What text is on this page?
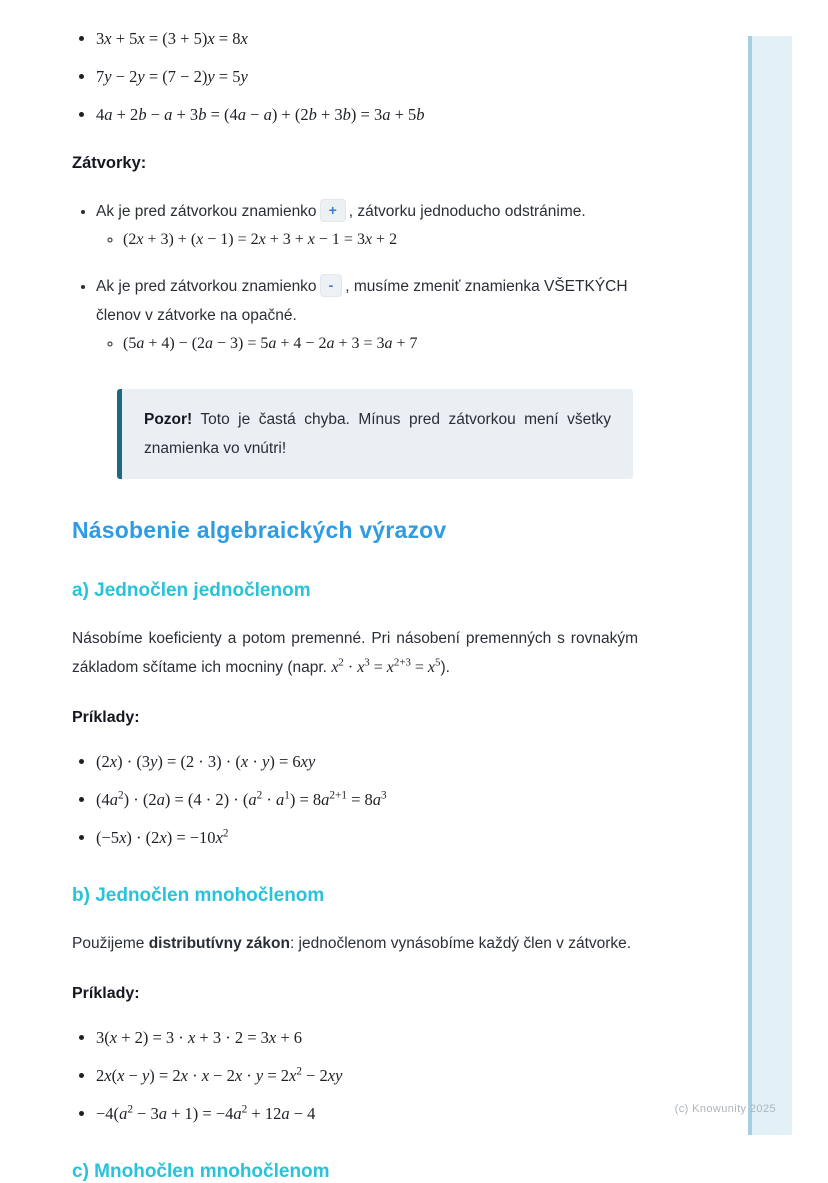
(c) Knowunity 2025
• 3x + 5x = (3 + 5)x = 8x
• 7y − 2y = (7 − 2)y = 5y
• 4a + 2b − a + 3b = (4a − a) + (2b + 3b) = 3a + 5b
Zátvorky:
• Ak je pred zátvorkou znamienko + , zátvorku jednoducho odstránime.
◦ (2x + 3) + (x − 1) = 2x + 3 + x − 1 = 3x + 2
• Ak je pred zátvorkou znamienko - , musíme zmeniť znamienka VŠETKÝCH členov v zátvorke na opačné.
◦ (5a + 4) − (2a − 3) = 5a + 4 − 2a + 3 = 3a + 7
Pozor! Toto je častá chyba. Mínus pred zátvorkou mení všetky znamienka vo vnútri!
Násobenie algebraických výrazov
a) Jednočlen jednočlenom

Násobíme koeficienty a potom premenné. Pri násobení premenných s rovnakým základom sčítame ich mocniny (napr. $x^2 \cdot x^3 = x^{2+3} = x^5$).

Príklady:
• (2x) · (3y) = (2 · 3) · (x · y) = 6xy
• $(4a^2) \cdot (2a) = (4 \cdot 2) \cdot (a^2 \cdot a^1) = 8a^{2+1} = 8a^3$
• $(-5x) \cdot (2x) = -10x^2$
b) Jednočlen mnohočlenom

Použijeme distributívny zákon: jednočlenom vynásobíme každý člen v zátvorke.

Príklady:
• 3(x + 2) = 3 · x + 3 · 2 = 3x + 6
• $2x(x - y) = 2x \cdot x - 2x \cdot y = 2x^2 - 2xy$
• $-4(a^2 - 3a + 1) = -4a^2 + 12a - 4$
c) Mnohočlen mnohočlenom
